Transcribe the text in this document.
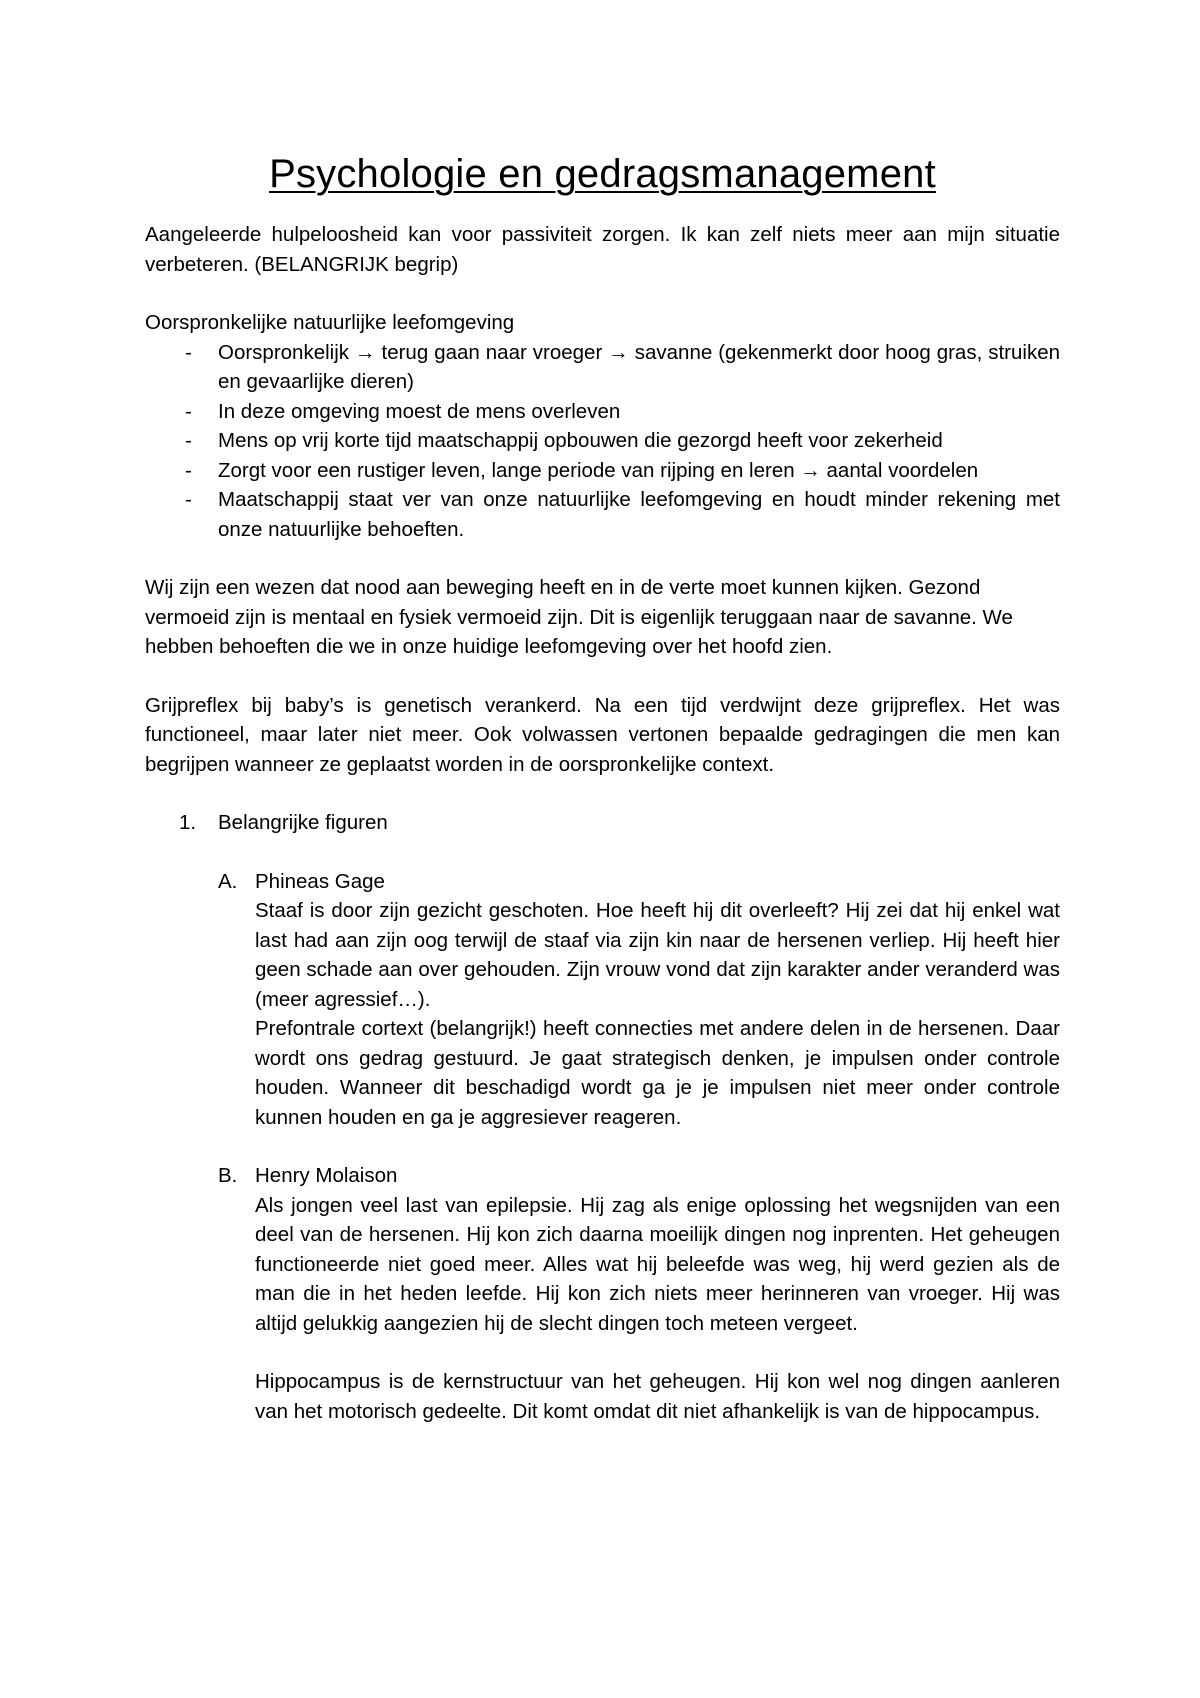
Psychologie en gedragsmanagement

Aangeleerde hulpeloosheid kan voor passiviteit zorgen. Ik kan zelf niets meer aan mijn situatie verbeteren. (BELANGRIJK begrip)

Oorspronkelijke natuurlijke leefomgeving

- Oorspronkelijk → terug gaan naar vroeger → savanne (gekenmerkt door hoog gras, struiken en gevaarlijke dieren)
- In deze omgeving moest de mens overleven
- Mens op vrij korte tijd maatschappij opbouwen die gezorgd heeft voor zekerheid
- Zorgt voor een rustiger leven, lange periode van rijping en leren → aantal voordelen
- Maatschappij staat ver van onze natuurlijke leefomgeving en houdt minder rekening met onze natuurlijke behoeften.

Wij zijn een wezen dat nood aan beweging heeft en in de verte moet kunnen kijken. Gezond vermoeid zijn is mentaal en fysiek vermoeid zijn. Dit is eigenlijk teruggaan naar de savanne. We hebben behoeften die we in onze huidige leefomgeving over het hoofd zien.

Grijpreflex bij baby’s is genetisch verankerd. Na een tijd verdwijnt deze grijpreflex. Het was functioneel, maar later niet meer. Ook volwassen vertonen bepaalde gedragingen die men kan begrijpen wanneer ze geplaatst worden in de oorspronkelijke context.

1. Belangrijke figuren
A. Phineas Gage

Staaf is door zijn gezicht geschoten. Hoe heeft hij dit overleeft? Hij zei dat hij enkel wat last had aan zijn oog terwijl de staaf via zijn kin naar de hersenen verliep. Hij heeft hier geen schade aan over gehouden. Zijn vrouw vond dat zijn karakter ander veranderd was (meer agressief…).

Prefontrale cortext (belangrijk!) heeft connecties met andere delen in de hersenen. Daar wordt ons gedrag gestuurd. Je gaat strategisch denken, je impulsen onder controle houden. Wanneer dit beschadigd wordt ga je je impulsen niet meer onder controle kunnen houden en ga je aggresiever reageren.

B. Henry Molaison

Als jongen veel last van epilepsie. Hij zag als enige oplossing het wegsnijden van een deel van de hersenen. Hij kon zich daarna moeilijk dingen nog inprenten. Het geheugen functioneerde niet goed meer. Alles wat hij beleefde was weg, hij werd gezien als de man die in het heden leefde. Hij kon zich niets meer herinneren van vroeger. Hij was altijd gelukkig aangezien hij de slecht dingen toch meteen vergeet.

Hippocampus is de kernstructuur van het geheugen. Hij kon wel nog dingen aanleren van het motorisch gedeelte. Dit komt omdat dit niet afhankelijk is van de hippocampus.
